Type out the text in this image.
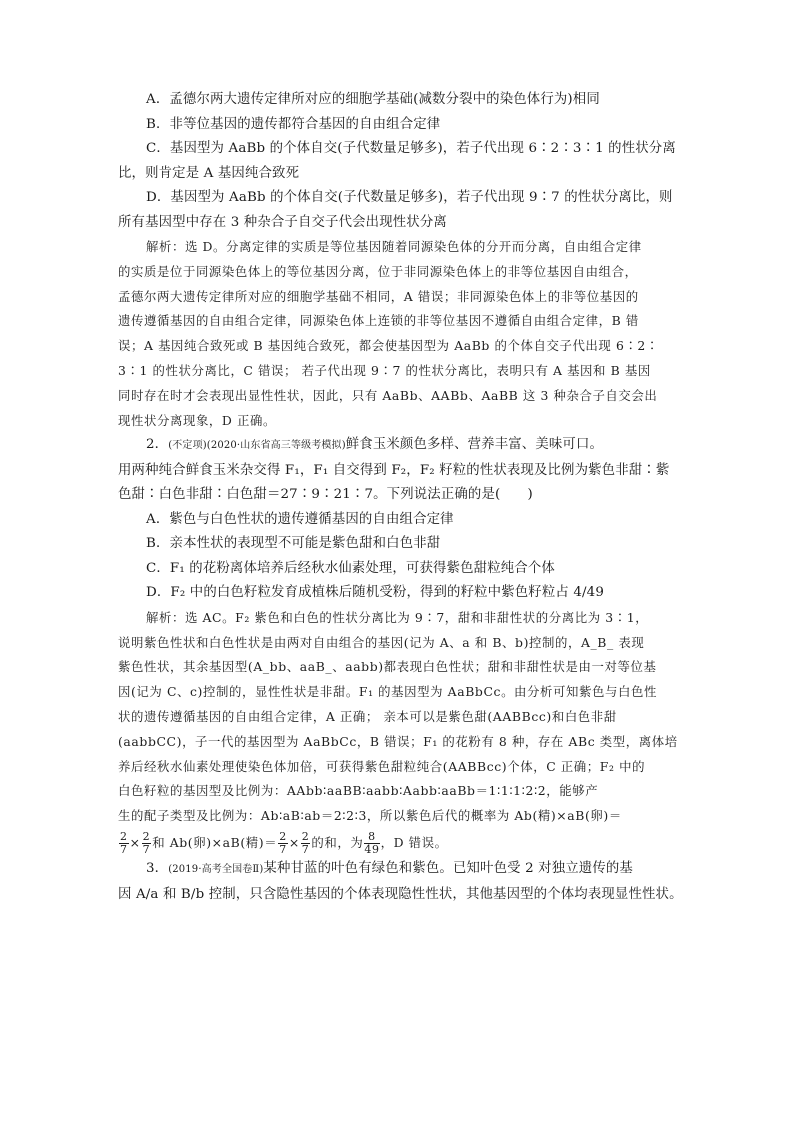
A．孟德尔两大遗传定律所对应的细胞学基础(减数分裂中的染色体行为)相同
B．非等位基因的遗传都符合基因的自由组合定律
C．基因型为 AaBb 的个体自交(子代数量足够多)，若子代出现 6∶2∶3∶1 的性状分离
比，则肯定是 A 基因纯合致死
D．基因型为 AaBb 的个体自交(子代数量足够多)，若子代出现 9∶7 的性状分离比，则
所有基因型中存在 3 种杂合子自交子代会出现性状分离
解析：选 D。分离定律的实质是等位基因随着同源染色体的分开而分离，自由组合定律
的实质是位于同源染色体上的等位基因分离，位于非同源染色体上的非等位基因自由组合，
孟德尔两大遗传定律所对应的细胞学基础不相同，A 错误；非同源染色体上的非等位基因的
遗传遵循基因的自由组合定律，同源染色体上连锁的非等位基因不遵循自由组合定律，B 错
误；A 基因纯合致死或 B 基因纯合致死，都会使基因型为 AaBb 的个体自交子代出现 6∶2∶
3∶1 的性状分离比，C 错误； 若子代出现 9∶7 的性状分离比，表明只有 A 基因和 B 基因
同时存在时才会表现出显性性状，因此，只有 AaBb、AABb、AaBB 这 3 种杂合子自交会出
现性状分离现象，D 正确。
2．(不定项)(2020·山东省高三等级考模拟)鲜食玉米颜色多样、营养丰富、美味可口。
用两种纯合鲜食玉米杂交得 F₁，F₁ 自交得到 F₂，F₂ 籽粒的性状表现及比例为紫色非甜∶紫
色甜∶白色非甜∶白色甜＝27∶9∶21∶7。下列说法正确的是(　　)
A．紫色与白色性状的遗传遵循基因的自由组合定律
B．亲本性状的表现型不可能是紫色甜和白色非甜
C．F₁ 的花粉离体培养后经秋水仙素处理，可获得紫色甜粒纯合个体
D．F₂ 中的白色籽粒发育成植株后随机受粉，得到的籽粒中紫色籽粒占 4/49
解析：选 AC。F₂ 紫色和白色的性状分离比为 9∶7，甜和非甜性状的分离比为 3∶1，
说明紫色性状和白色性状是由两对自由组合的基因(记为 A、a 和 B、b)控制的，A_B_ 表现
紫色性状，其余基因型(A_bb、aaB_、aabb)都表现白色性状；甜和非甜性状是由一对等位基
因(记为 C、c)控制的，显性性状是非甜。F₁ 的基因型为 AaBbCc。由分析可知紫色与白色性
状的遗传遵循基因的自由组合定律，A 正确； 亲本可以是紫色甜(AABBcc)和白色非甜
(aabbCC)，子一代的基因型为 AaBbCc，B 错误；F₁ 的花粉有 8 种，存在 ABc 类型，离体培
养后经秋水仙素处理使染色体加倍，可获得紫色甜粒纯合(AABBcc)个体，C 正确；F₂ 中的
白色籽粒的基因型及比例为：AAbb∶aaBB∶aabb∶Aabb∶aaBb＝1∶1∶1∶2∶2，能够产
生的配子类型及比例为：Ab∶aB∶ab＝2∶2∶3，所以紫色后代的概率为 Ab(精)×aB(卵)＝
$\frac{2}{7} \times \frac{2}{7}$ 和 Ab(卵)×aB(精)＝ $\frac{2}{7} \times \frac{2}{7}$ 的和，为 $\frac{8}{49}$ ，D 错误。
3．(2019·高考全国卷Ⅱ)某种甘蓝的叶色有绿色和紫色。已知叶色受 2 对独立遗传的基
因 A/a 和 B/b 控制，只含隐性基因的个体表现隐性性状，其他基因型的个体均表现显性性状。
